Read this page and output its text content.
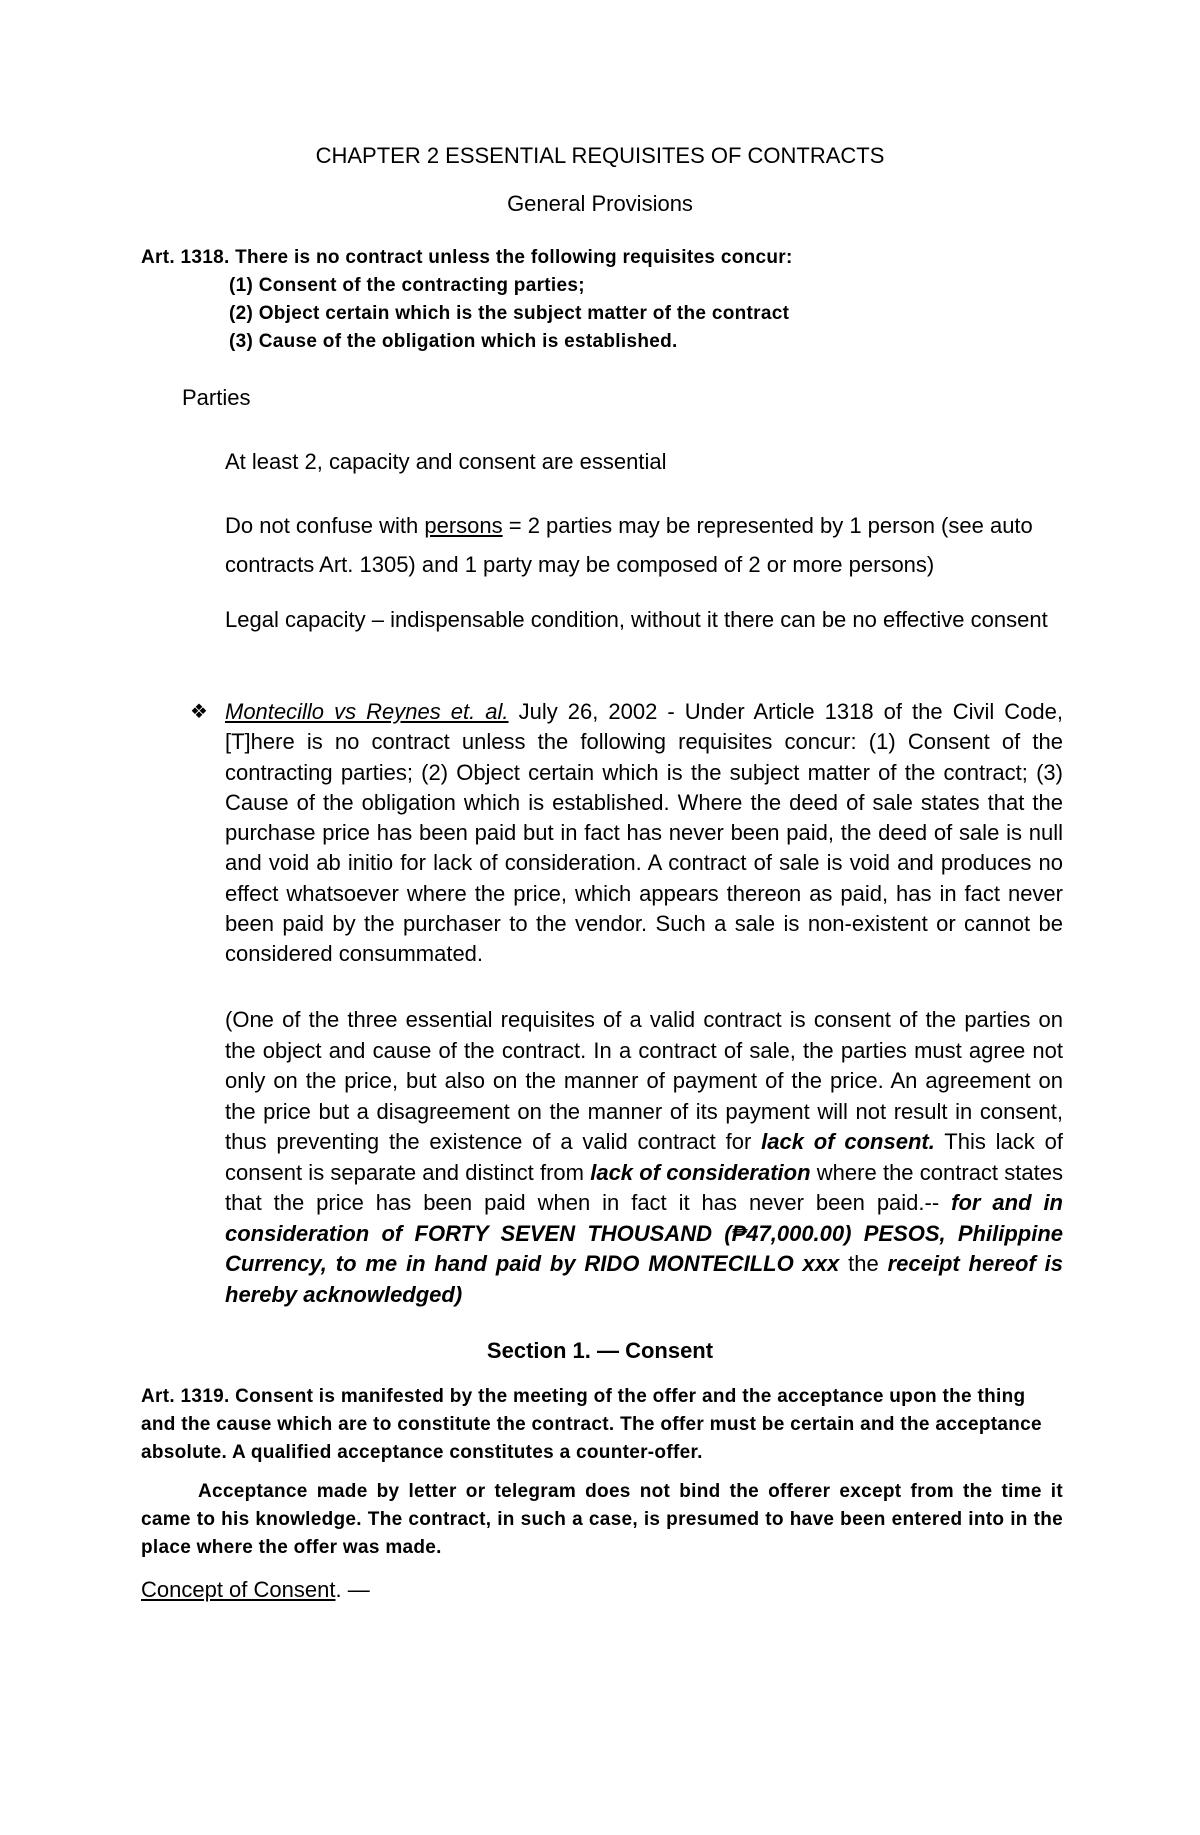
CHAPTER 2 ESSENTIAL REQUISITES OF CONTRACTS
General Provisions
Art. 1318. There is no contract unless the following requisites concur:
(1) Consent of the contracting parties;
(2) Object certain which is the subject matter of the contract
(3) Cause of the obligation which is established.
Parties

At least 2, capacity and consent are essential

Do not confuse with persons = 2 parties may be represented by 1 person (see auto contracts Art. 1305) and 1 party may be composed of 2 or more persons)

Legal capacity – indispensable condition, without it there can be no effective consent

❖ Montecillo vs Reynes et. al. July 26, 2002 - Under Article 1318 of the Civil Code, [T]here is no contract unless the following requisites concur: (1) Consent of the contracting parties; (2) Object certain which is the subject matter of the contract; (3) Cause of the obligation which is established. Where the deed of sale states that the purchase price has been paid but in fact has never been paid, the deed of sale is null and void ab initio for lack of consideration. A contract of sale is void and produces no effect whatsoever where the price, which appears thereon as paid, has in fact never been paid by the purchaser to the vendor. Such a sale is non-existent or cannot be considered consummated.

(One of the three essential requisites of a valid contract is consent of the parties on the object and cause of the contract. In a contract of sale, the parties must agree not only on the price, but also on the manner of payment of the price. An agreement on the price but a disagreement on the manner of its payment will not result in consent, thus preventing the existence of a valid contract for lack of consent. This lack of consent is separate and distinct from lack of consideration where the contract states that the price has been paid when in fact it has never been paid.-- for and in consideration of FORTY SEVEN THOUSAND (₱47,000.00) PESOS, Philippine Currency, to me in hand paid by RIDO MONTECILLO xxx the receipt hereof is hereby acknowledged)

Section 1. — Consent

Art. 1319. Consent is manifested by the meeting of the offer and the acceptance upon the thing and the cause which are to constitute the contract. The offer must be certain and the acceptance absolute. A qualified acceptance constitutes a counter-offer.

Acceptance made by letter or telegram does not bind the offerer except from the time it came to his knowledge. The contract, in such a case, is presumed to have been entered into in the place where the offer was made.

Concept of Consent. —
